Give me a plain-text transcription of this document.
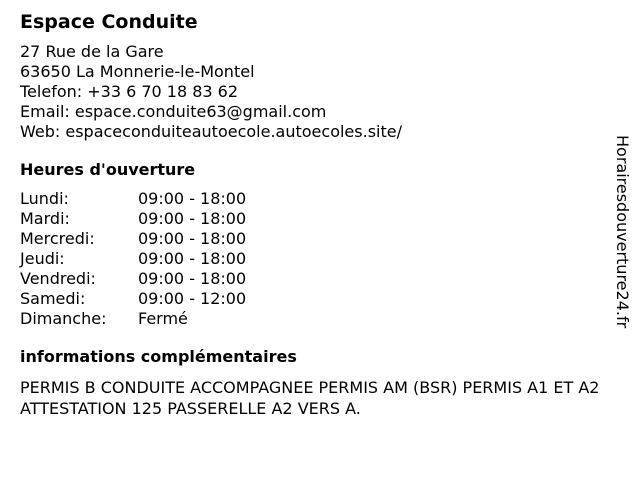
Espace Conduite
27 Rue de la Gare
63650 La Monnerie-le-Montel
Telefon: +33 6 70 18 83 62
Email: espace.conduite63@gmail.com
Web: espaceconduiteautoecole.autoecoles.site/
Heures d'ouverture
Lundi:	09:00 - 18:00
Mardi:	09:00 - 18:00
Mercredi:	09:00 - 18:00
Jeudi:	09:00 - 18:00
Vendredi:	09:00 - 18:00
Samedi:	09:00 - 12:00
Dimanche:	Fermé
informations complémentaires
PERMIS B CONDUITE ACCOMPAGNEE PERMIS AM (BSR) PERMIS A1 ET A2 ATTESTATION 125 PASSERELLE A2 VERS A.
Horairesdouverture24.fr
